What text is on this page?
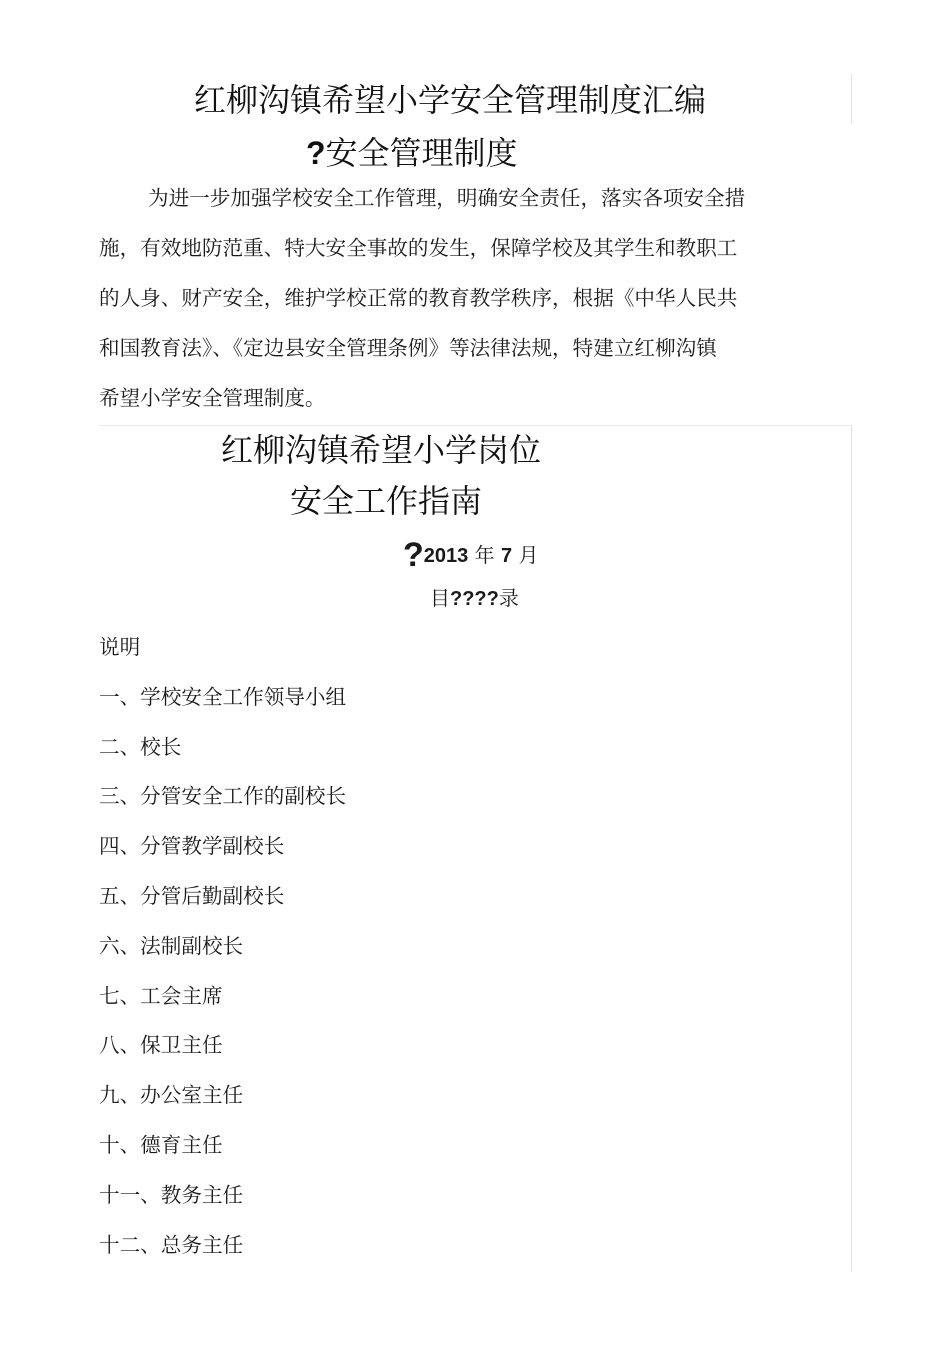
红柳沟镇希望小学安全管理制度汇编
?安全管理制度
为进一步加强学校安全工作管理，明确安全责任，落实各项安全措
施，有效地防范重、特大安全事故的发生，保障学校及其学生和教职工
的人身、财产安全，维护学校正常的教育教学秩序，根据《中华人民共
和国教育法》、《定边县安全管理条例》等法律法规，特建立红柳沟镇
希望小学安全管理制度。
红柳沟镇希望小学岗位
安全工作指南
?2013 年 7 月
目????录
说明
一、学校安全工作领导小组
二、校长
三、分管安全工作的副校长
四、分管教学副校长
五、分管后勤副校长
六、法制副校长
七、工会主席
八、保卫主任
九、办公室主任
十、德育主任
十一、教务主任
十二、总务主任
